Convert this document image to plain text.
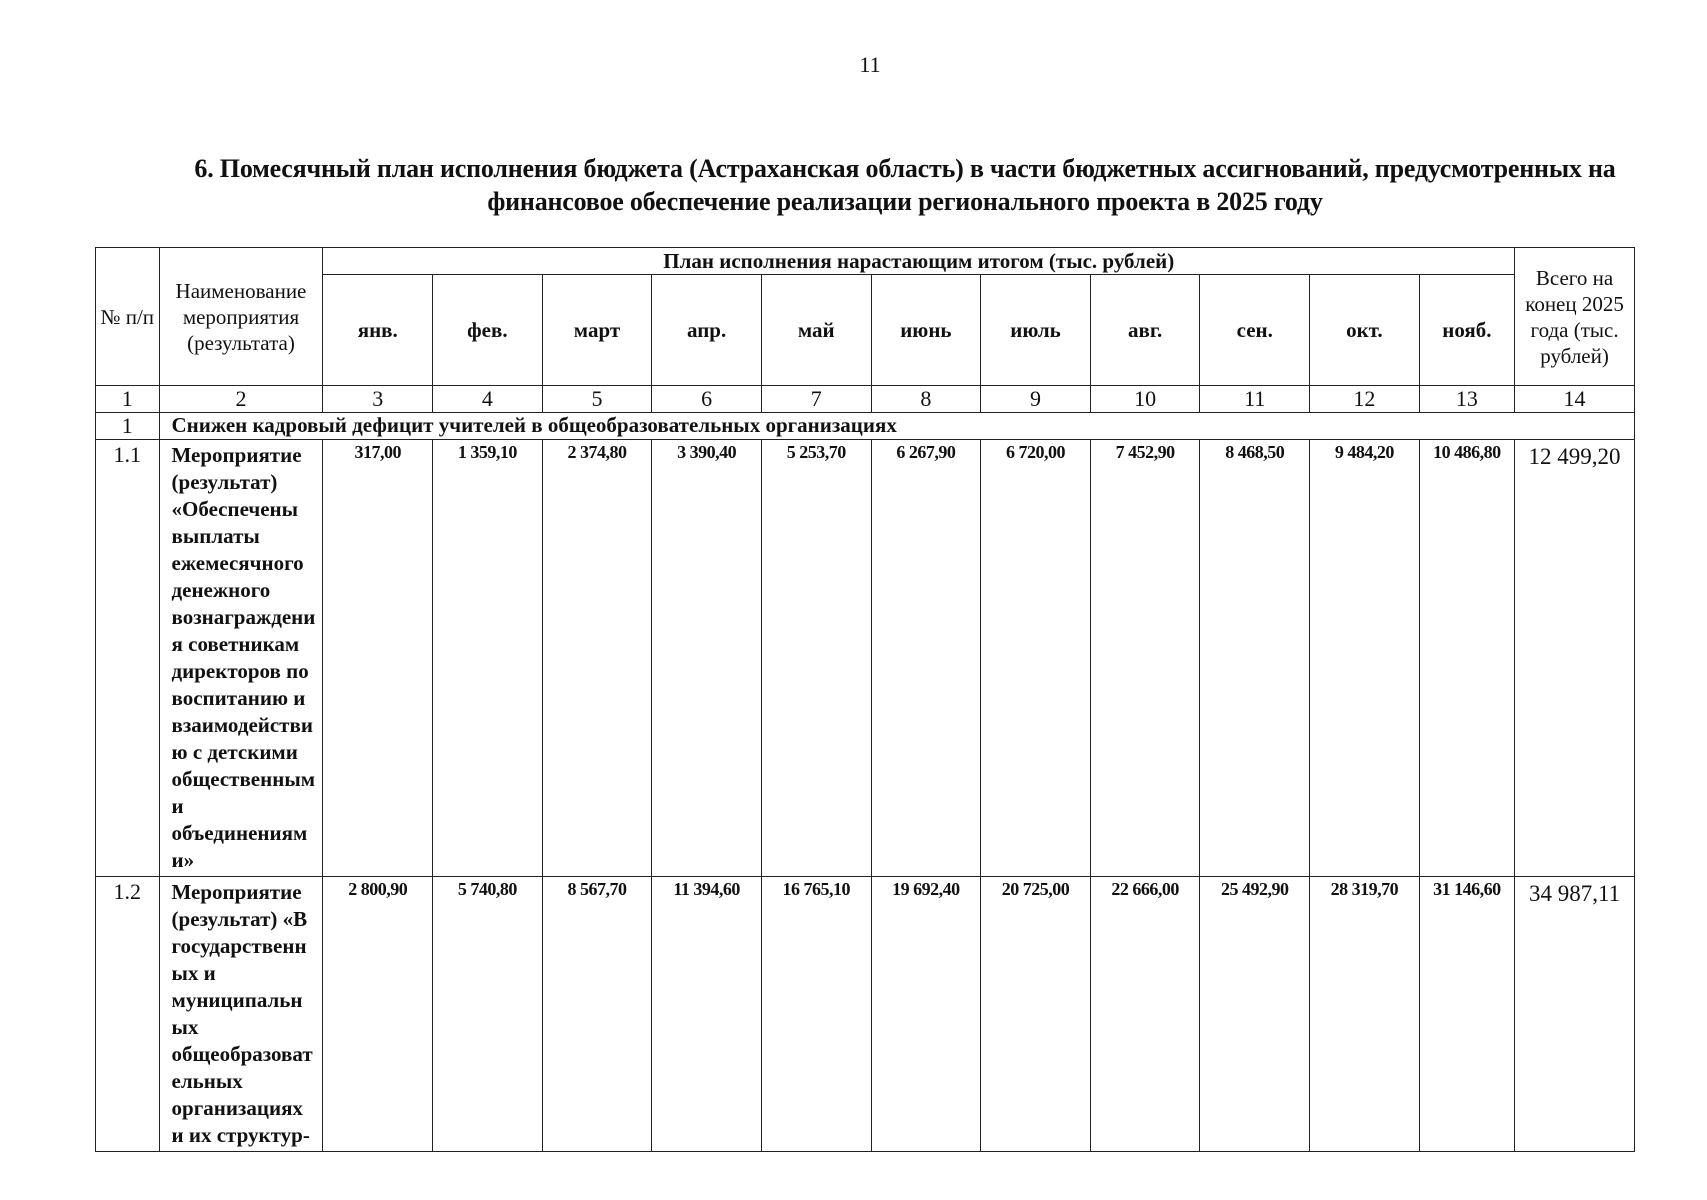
11
6. Помесячный план исполнения бюджета (Астраханская область) в части бюджетных ассигнований, предусмотренных на финансовое обеспечение реализации регионального проекта в 2025 году
№ п/п	Наименование мероприятия (результата)	План исполнения нарастающим итогом (тыс. рублей)											Всего на конец 2025 года (тыс. рублей)
		янв.	фев.	март	апр.	май	июнь	июль	авг.	сен.	окт.	нояб.	
1	2	3	4	5	6	7	8	9	10	11	12	13	14
1	Снижен кадровый дефицит учителей в общеобразовательных организациях												
1.1	Мероприятие (результат) «Обеспечены выплаты ежемесячного денежного вознаграждения советникам директоров по воспитанию и взаимодействию с детскими общественными объединениями»	317,00	1 359,10	2 374,80	3 390,40	5 253,70	6 267,90	6 720,00	7 452,90	8 468,50	9 484,20	10 486,80	12 499,20
1.2	Мероприятие (результат) «В государственных и муниципальных общеобразовательных организациях и их структур-	2 800,90	5 740,80	8 567,70	11 394,60	16 765,10	19 692,40	20 725,00	22 666,00	25 492,90	28 319,70	31 146,60	34 987,11
